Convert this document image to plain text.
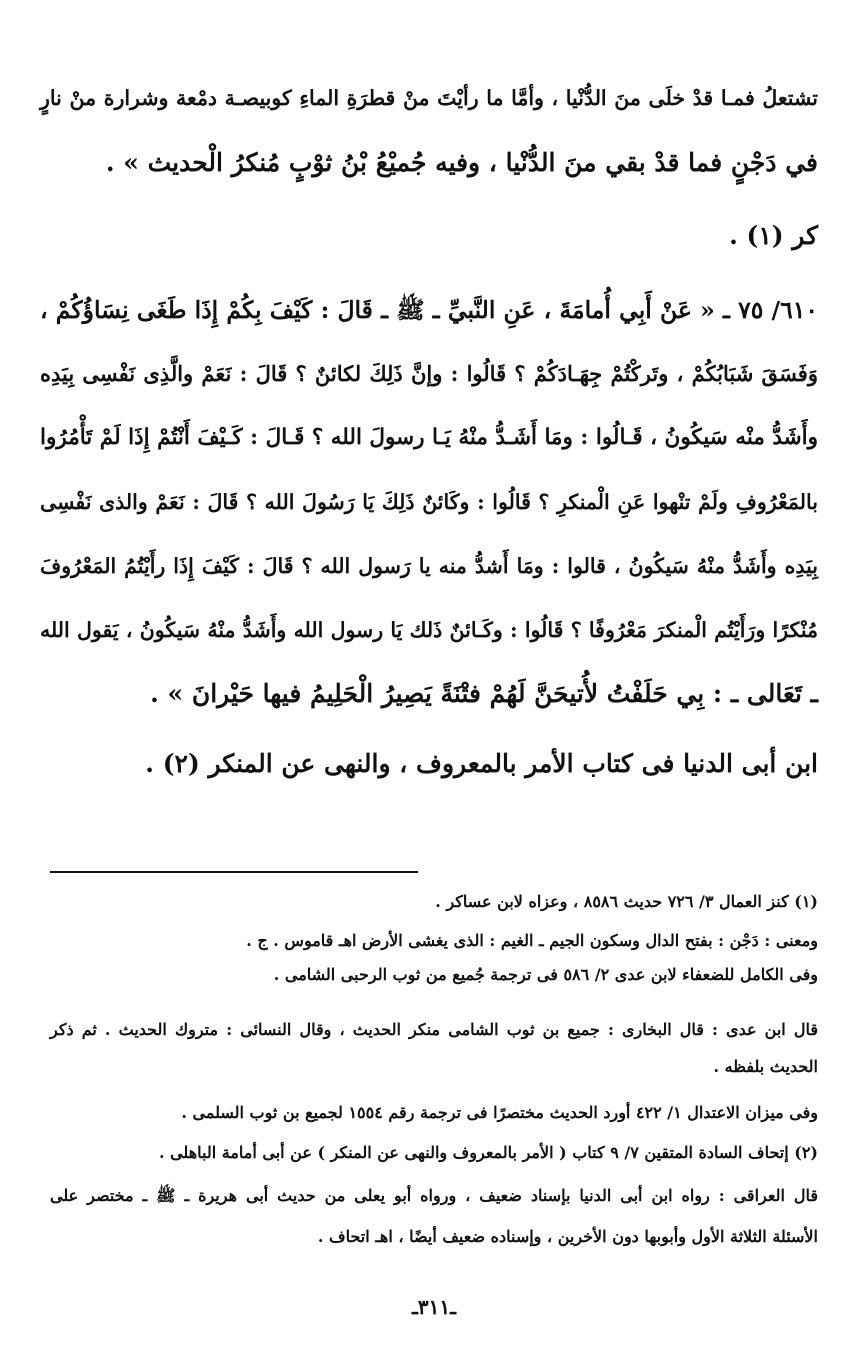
تشتعلُ فمـا قدْ خلَى منَ الدُّنْيا ، وأمَّا ما رأيْتَ منْ قطرَةِ الماءِ كوبيصـة دمْعة وشرارة منْ نارٍ
في دَجْنٍ فما قدْ بقي منَ الدُّنْيا ، وفيه جُميْعُ بْنُ ثوْبٍ مُنكرُ الْحديث » .
كر (١) .
٦١٠/ ٧٥ ـ « عَنْ أَبِي أُمامَةَ ، عَنِ النَّبيِّ ـ ﷺ ـ قَالَ : كَيْفَ بِكُمْ إِذَا طَغَى نِسَاؤُكُمْ ،
وَفَسَقَ شَبَابُكُمْ ، وتَركْتُمْ جِهَـادَكُمْ ؟ قَالُوا : وإنَّ ذَلِكَ لكائنٌ ؟ قَالَ : نَعَمْ والَّذِى نَفْسِى بِيَدِه
وأَشَدُّ منْه سَيكُونُ ، قَـالُوا : ومَا أَشَـدُّ منْهُ يَـا رسولَ الله ؟ قَـالَ : كَـيْفَ أَنْتُمْ إِذَا لَمْ تَأْمُرُوا
بالمَعْرُوفِ ولَمْ تنْهوا عَنِ الْمنكرِ ؟ قَالُوا : وكَائنٌ ذَلِكَ يَا رَسُولَ الله ؟ قَالَ : نَعَمْ والذى نَفْسِى
بِيَدِه وأَشَدُّ منْهُ سَيكُونُ ، قالوا : ومَا أَشدُّ منه يا رَسول الله ؟ قَالَ : كَيْفَ إِذَا رأَيْتُمُ المَعْرُوفَ
مُنْكرًا ورَأَيْتُم الْمنكرَ مَعْرُوفًا ؟ قَالُوا : وكَـائنٌ ذَلك يَا رسول الله وأَشَدُّ منْهُ سَيكُونُ ، يَقول الله
ـ تَعَالى ـ : بِي حَلَفْتُ لأُتيحَنَّ لَهُمْ فتْنَةً يَصِيرُ الْحَلِيمُ فيها حَيْرانَ » .
ابن أبى الدنيا فى كتاب الأمر بالمعروف ، والنهى عن المنكر (٢) .
(١) كنز العمال ٣/ ٧٢٦ حديث ٨٥٨٦ ، وعزاه لابن عساكر .
ومعنى : دَجْن : بفتح الدال وسكون الجيم ـ الغيم : الذى يغشى الأرض اهـ قاموس . ج .
وفى الكامل للضعفاء لابن عدى ٢/ ٥٨٦ فى ترجمة جُميع من ثوب الرحبى الشامى .
قال ابن عدى : قال البخارى : جميع بن ثوب الشامى منكر الحديث ، وقال النسائى : متروك الحديث . ثم ذكر
الحديث بلفظه .
وفى ميزان الاعتدال ١/ ٤٢٢ أورد الحديث مختصرًا فى ترجمة رقم ١٥٥٤ لجميع بن ثوب السلمى .
(٢) إتحاف السادة المتقين ٧/ ٩ كتاب ( الأمر بالمعروف والنهى عن المنكر ) عن أبى أمامة الباهلى .
قال العراقى : رواه ابن أبى الدنيا بإسناد ضعيف ، ورواه أبو يعلى من حديث أبى هريرة ـ ﷺ ـ مختصر على
الأسئلة الثلاثة الأول وأبوبها دون الأخرين ، وإسناده ضعيف أيضًا ، اهـ اتحاف .
ـ٣١١ـ
